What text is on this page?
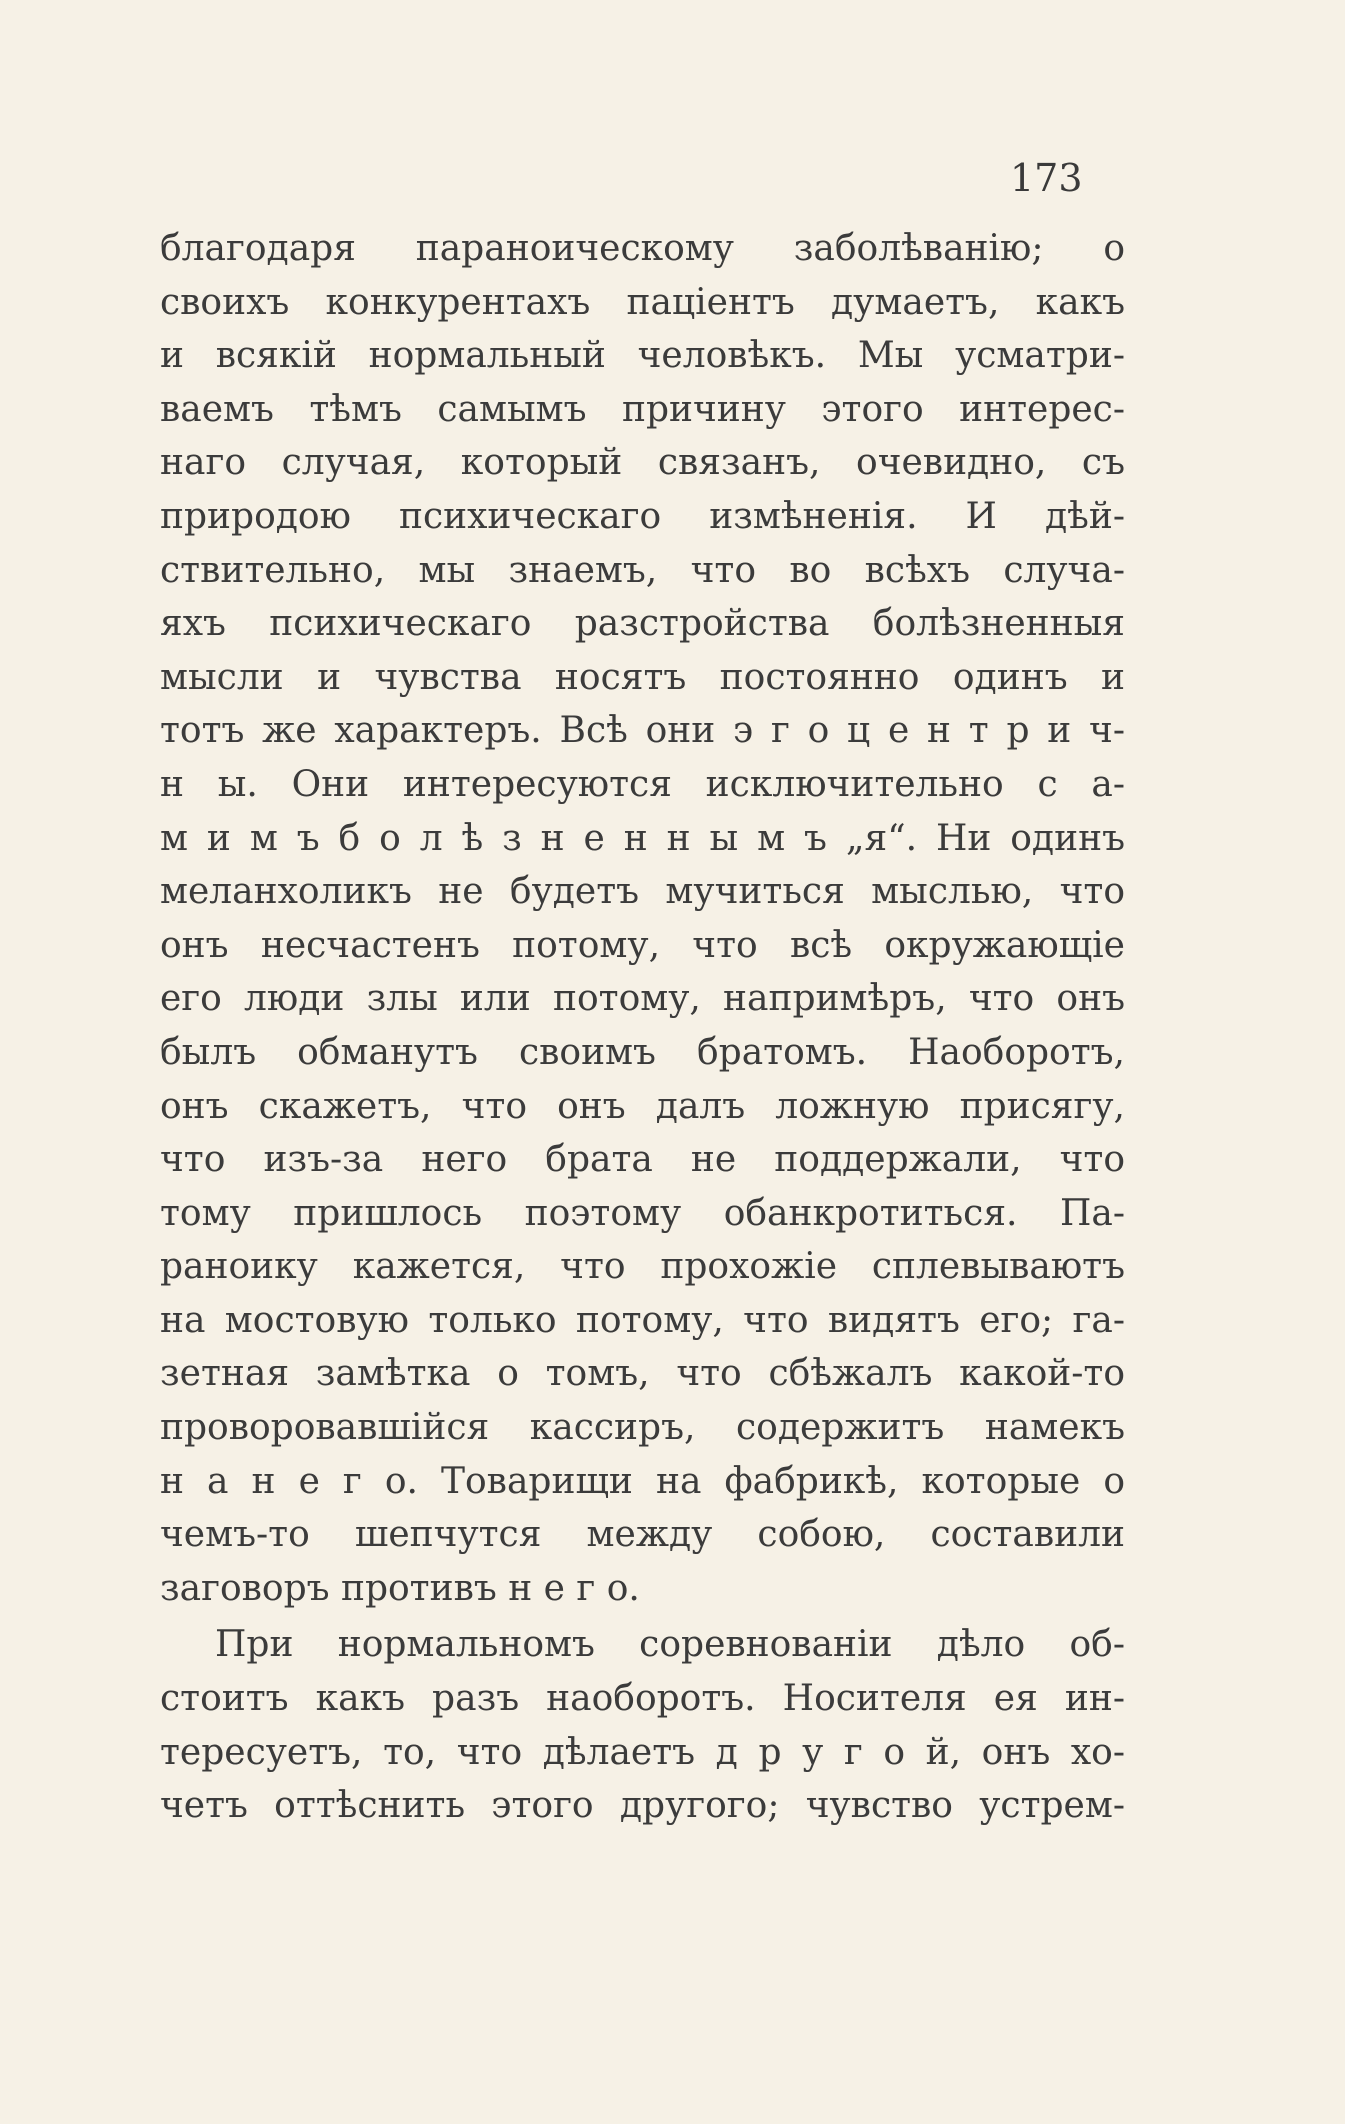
173
благодаря параноическому заболѣванію; о
своихъ конкурентахъ паціентъ думаетъ, какъ
и всякій нормальный человѣкъ. Мы усматри-
ваемъ тѣмъ самымъ причину этого интерес-
наго случая, который связанъ, очевидно, съ
природою психическаго измѣненія. И дѣй-
ствительно, мы знаемъ, что во всѣхъ случа-
яхъ психическаго разстройства болѣзненныя
мысли и чувства носятъ постоянно одинъ и
тотъ же характеръ. Всѣ они э г о ц е н т р и ч-
н ы. Они интересуются исключительно с а-
м и м ъ б о л ѣ з н е н н ы м ъ „я“. Ни одинъ
меланхоликъ не будетъ мучиться мыслью, что
онъ несчастенъ потому, что всѣ окружающіе
его люди злы или потому, напримѣръ, что онъ
былъ обманутъ своимъ братомъ. Наоборотъ,
онъ скажетъ, что онъ далъ ложную присягу,
что изъ-за него брата не поддержали, что
тому пришлось поэтому обанкротиться. Па-
раноику кажется, что прохожіе сплевываютъ
на мостовую только потому, что видятъ его; га-
зетная замѣтка о томъ, что сбѣжалъ какой-то
проворовавшійся кассиръ, содержитъ намекъ
н а н е г о. Товарищи на фабрикѣ, которые о
чемъ-то шепчутся между собою, составили
заговоръ противъ н е г о.
При нормальномъ соревнованіи дѣло об-
стоитъ какъ разъ наоборотъ. Носителя ея ин-
тересуетъ, то, что дѣлаетъ д р у г о й, онъ хо-
четъ оттѣснить этого другого; чувство устрем-
